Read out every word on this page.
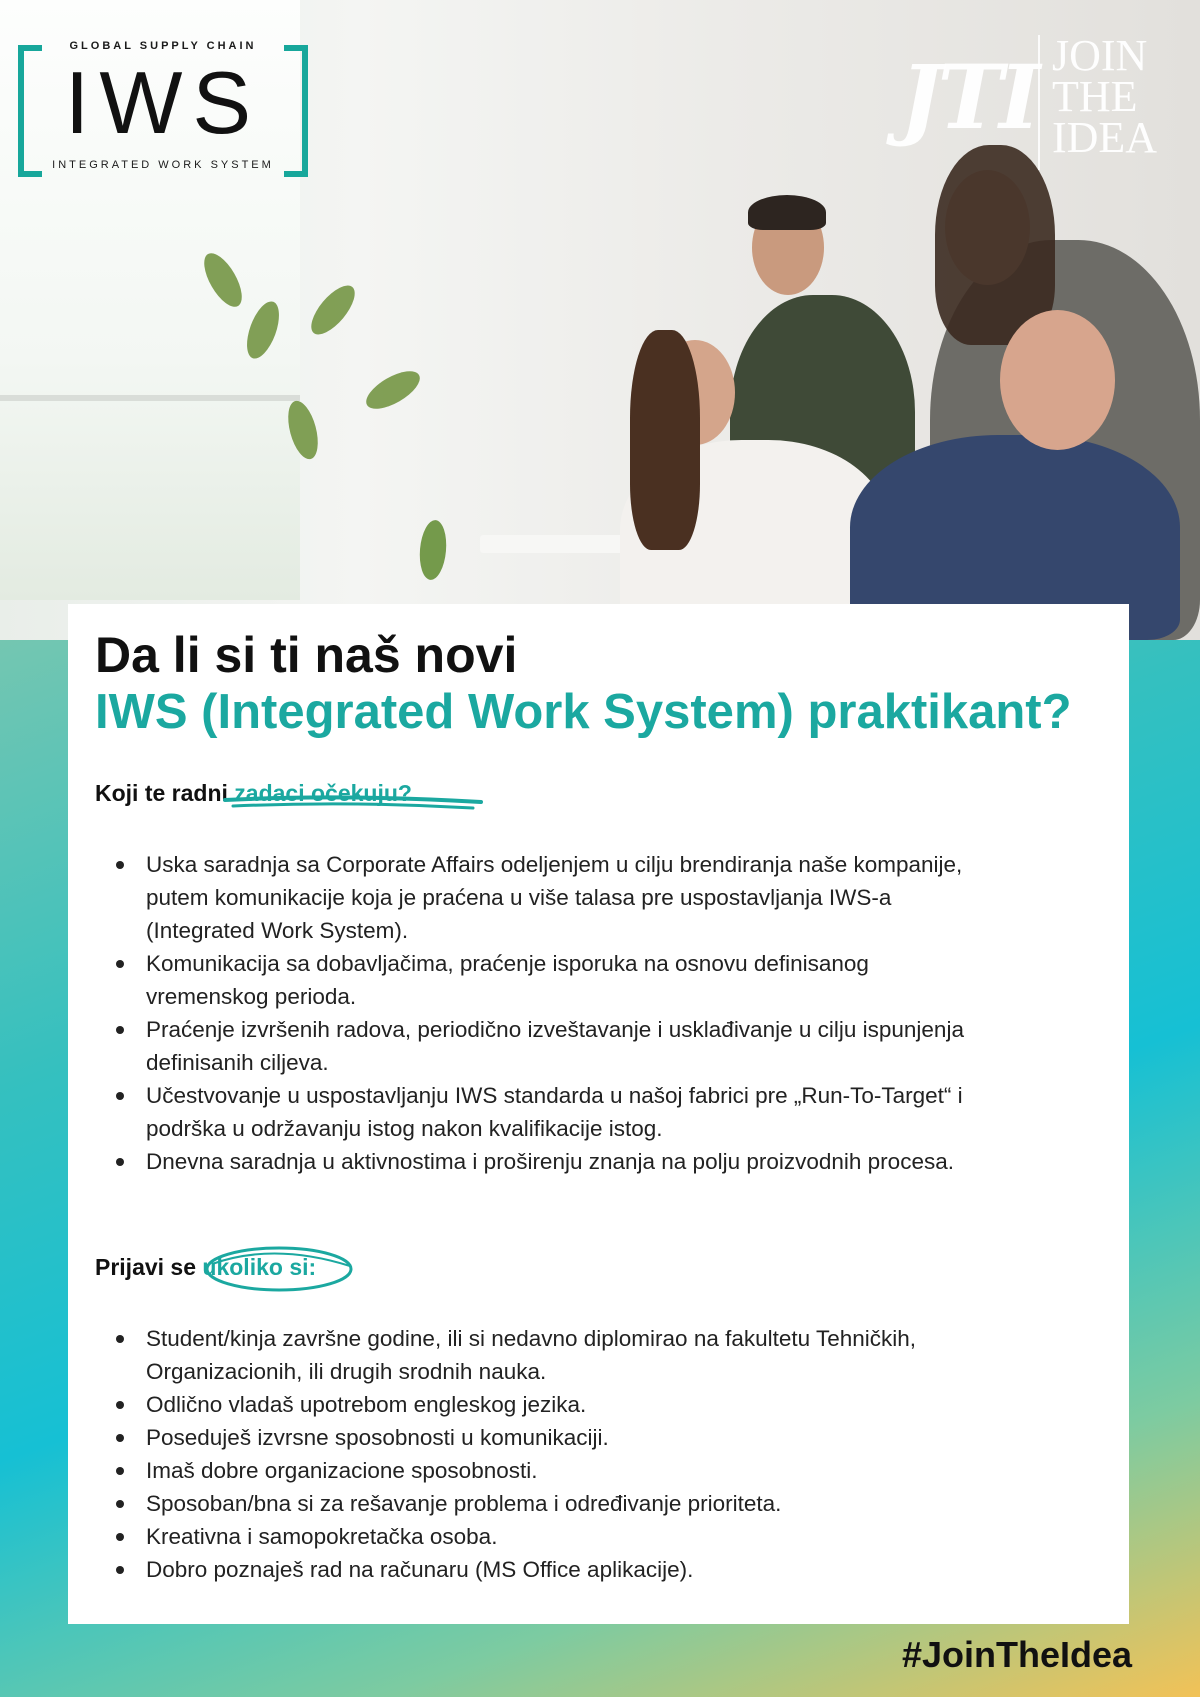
GLOBAL SUPPLY CHAIN
IWS
INTEGRATED WORK SYSTEM
JTI JOIN
THE
IDEA
Da li si ti naš novi
IWS (Integrated Work System) praktikant?
Koji te radni zadaci očekuju?
Uska saradnja sa Corporate Affairs odeljenjem u cilju brendiranja naše kompanije, putem komunikacije koja je praćena u više talasa pre uspostavljanja IWS-a (Integrated Work System).
Komunikacija sa dobavljačima, praćenje isporuka na osnovu definisanog vremenskog perioda.
Praćenje izvršenih radova, periodično izveštavanje i usklađivanje u cilju ispunjenja definisanih ciljeva.
Učestvovanje u uspostavljanju IWS standarda u našoj fabrici pre „Run-To-Target“ i podrška u održavanju istog nakon kvalifikacije istog.
Dnevna saradnja u aktivnostima i proširenju znanja na polju proizvodnih procesa.
Prijavi se ukoliko si:
Student/kinja završne godine, ili si nedavno diplomirao na fakultetu Tehničkih, Organizacionih, ili drugih srodnih nauka.
Odlično vladaš upotrebom engleskog jezika.
Poseduješ izvrsne sposobnosti u komunikaciji.
Imaš dobre organizacione sposobnosti.
Sposoban/bna si za rešavanje problema i određivanje prioriteta.
Kreativna i samopokretačka osoba.
Dobro poznaješ rad na računaru (MS Office aplikacije).
#JoinTheIdea
